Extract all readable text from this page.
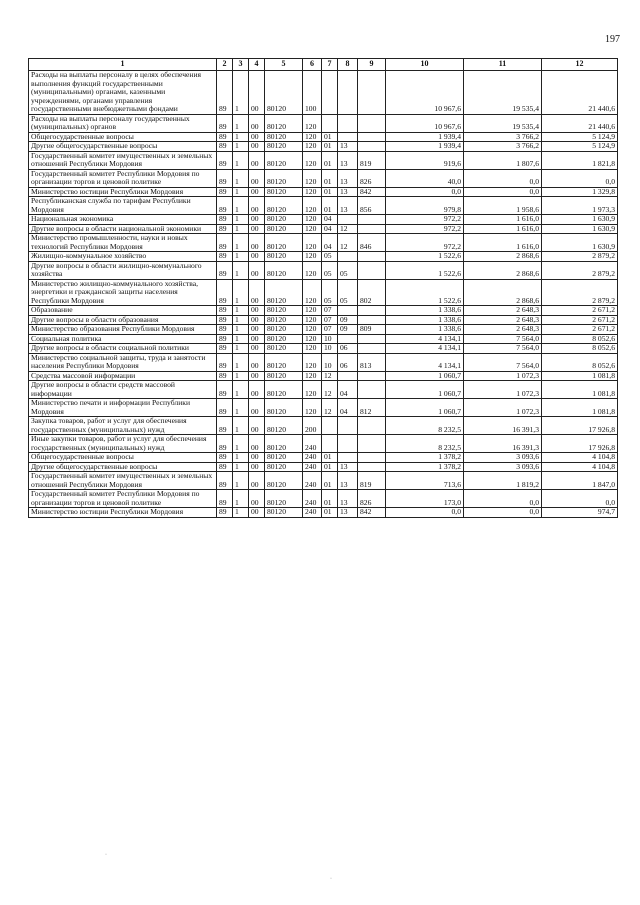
197
1	2	3	4	5	6	7	8	9	10	11	12
Расходы на выплаты персоналу в целях обеспечения выполнения функций государственными (муниципальными) органами, казенными учреждениями, органами управления государственными внебюджетными фондами	89	1	00	80120	100				10 967,6	19 535,4	21 440,6
Расходы на выплаты персоналу государственных (муниципальных) органов	89	1	00	80120	120				10 967,6	19 535,4	21 440,6
Общегосударственные вопросы	89	1	00	80120	120	01			1 939,4	3 766,2	5 124,9
Другие общегосударственные вопросы	89	1	00	80120	120	01	13		1 939,4	3 766,2	5 124,9
Государственный комитет имущественных и земельных отношений Республики Мордовия	89	1	00	80120	120	01	13	819	919,6	1 807,6	1 821,8
Государственный комитет Республики Мордовия по организации торгов и ценовой политике	89	1	00	80120	120	01	13	826	40,0	0,0	0,0
Министерство юстиции Республики Мордовия	89	1	00	80120	120	01	13	842	0,0	0,0	1 329,8
Республиканская служба по тарифам Республики Мордовия	89	1	00	80120	120	01	13	856	979,8	1 958,6	1 973,3
Национальная экономика	89	1	00	80120	120	04			972,2	1 616,0	1 630,9
Другие вопросы в области национальной экономики	89	1	00	80120	120	04	12		972,2	1 616,0	1 630,9
Министерство промышленности, науки и новых технологий Республики Мордовия	89	1	00	80120	120	04	12	846	972,2	1 616,0	1 630,9
Жилищно-коммунальное хозяйство	89	1	00	80120	120	05			1 522,6	2 868,6	2 879,2
Другие вопросы в области жилищно-коммунального хозяйства	89	1	00	80120	120	05	05		1 522,6	2 868,6	2 879,2
Министерство жилищно-коммунального хозяйства, энергетики и гражданской защиты населения Республики Мордовия	89	1	00	80120	120	05	05	802	1 522,6	2 868,6	2 879,2
Образование	89	1	00	80120	120	07			1 338,6	2 648,3	2 671,2
Другие вопросы в области образования	89	1	00	80120	120	07	09		1 338,6	2 648,3	2 671,2
Министерство образования Республики Мордовия	89	1	00	80120	120	07	09	809	1 338,6	2 648,3	2 671,2
Социальная политика	89	1	00	80120	120	10			4 134,1	7 564,0	8 052,6
Другие вопросы в области социальной политики	89	1	00	80120	120	10	06		4 134,1	7 564,0	8 052,6
Министерство социальной защиты, труда и занятости населения Республики Мордовия	89	1	00	80120	120	10	06	813	4 134,1	7 564,0	8 052,6
Средства массовой информации	89	1	00	80120	120	12			1 060,7	1 072,3	1 081,8
Другие вопросы в области средств массовой информации	89	1	00	80120	120	12	04		1 060,7	1 072,3	1 081,8
Министерство печати и информации Республики Мордовия	89	1	00	80120	120	12	04	812	1 060,7	1 072,3	1 081,8
Закупка товаров, работ и услуг для обеспечения государственных (муниципальных) нужд	89	1	00	80120	200				8 232,5	16 391,3	17 926,8
Иные закупки товаров, работ и услуг для обеспечения государственных (муниципальных) нужд	89	1	00	80120	240				8 232,5	16 391,3	17 926,8
Общегосударственные вопросы	89	1	00	80120	240	01			1 378,2	3 093,6	4 104,8
Другие общегосударственные вопросы	89	1	00	80120	240	01	13		1 378,2	3 093,6	4 104,8
Государственный комитет имущественных и земельных отношений Республики Мордовия	89	1	00	80120	240	01	13	819	713,6	1 819,2	1 847,0
Государственный комитет Республики Мордовия по организации торгов и ценовой политике	89	1	00	80120	240	01	13	826	173,0	0,0	0,0
Министерство юстиции Республики Мордовия	89	1	00	80120	240	01	13	842	0,0	0,0	974,7
·
·
